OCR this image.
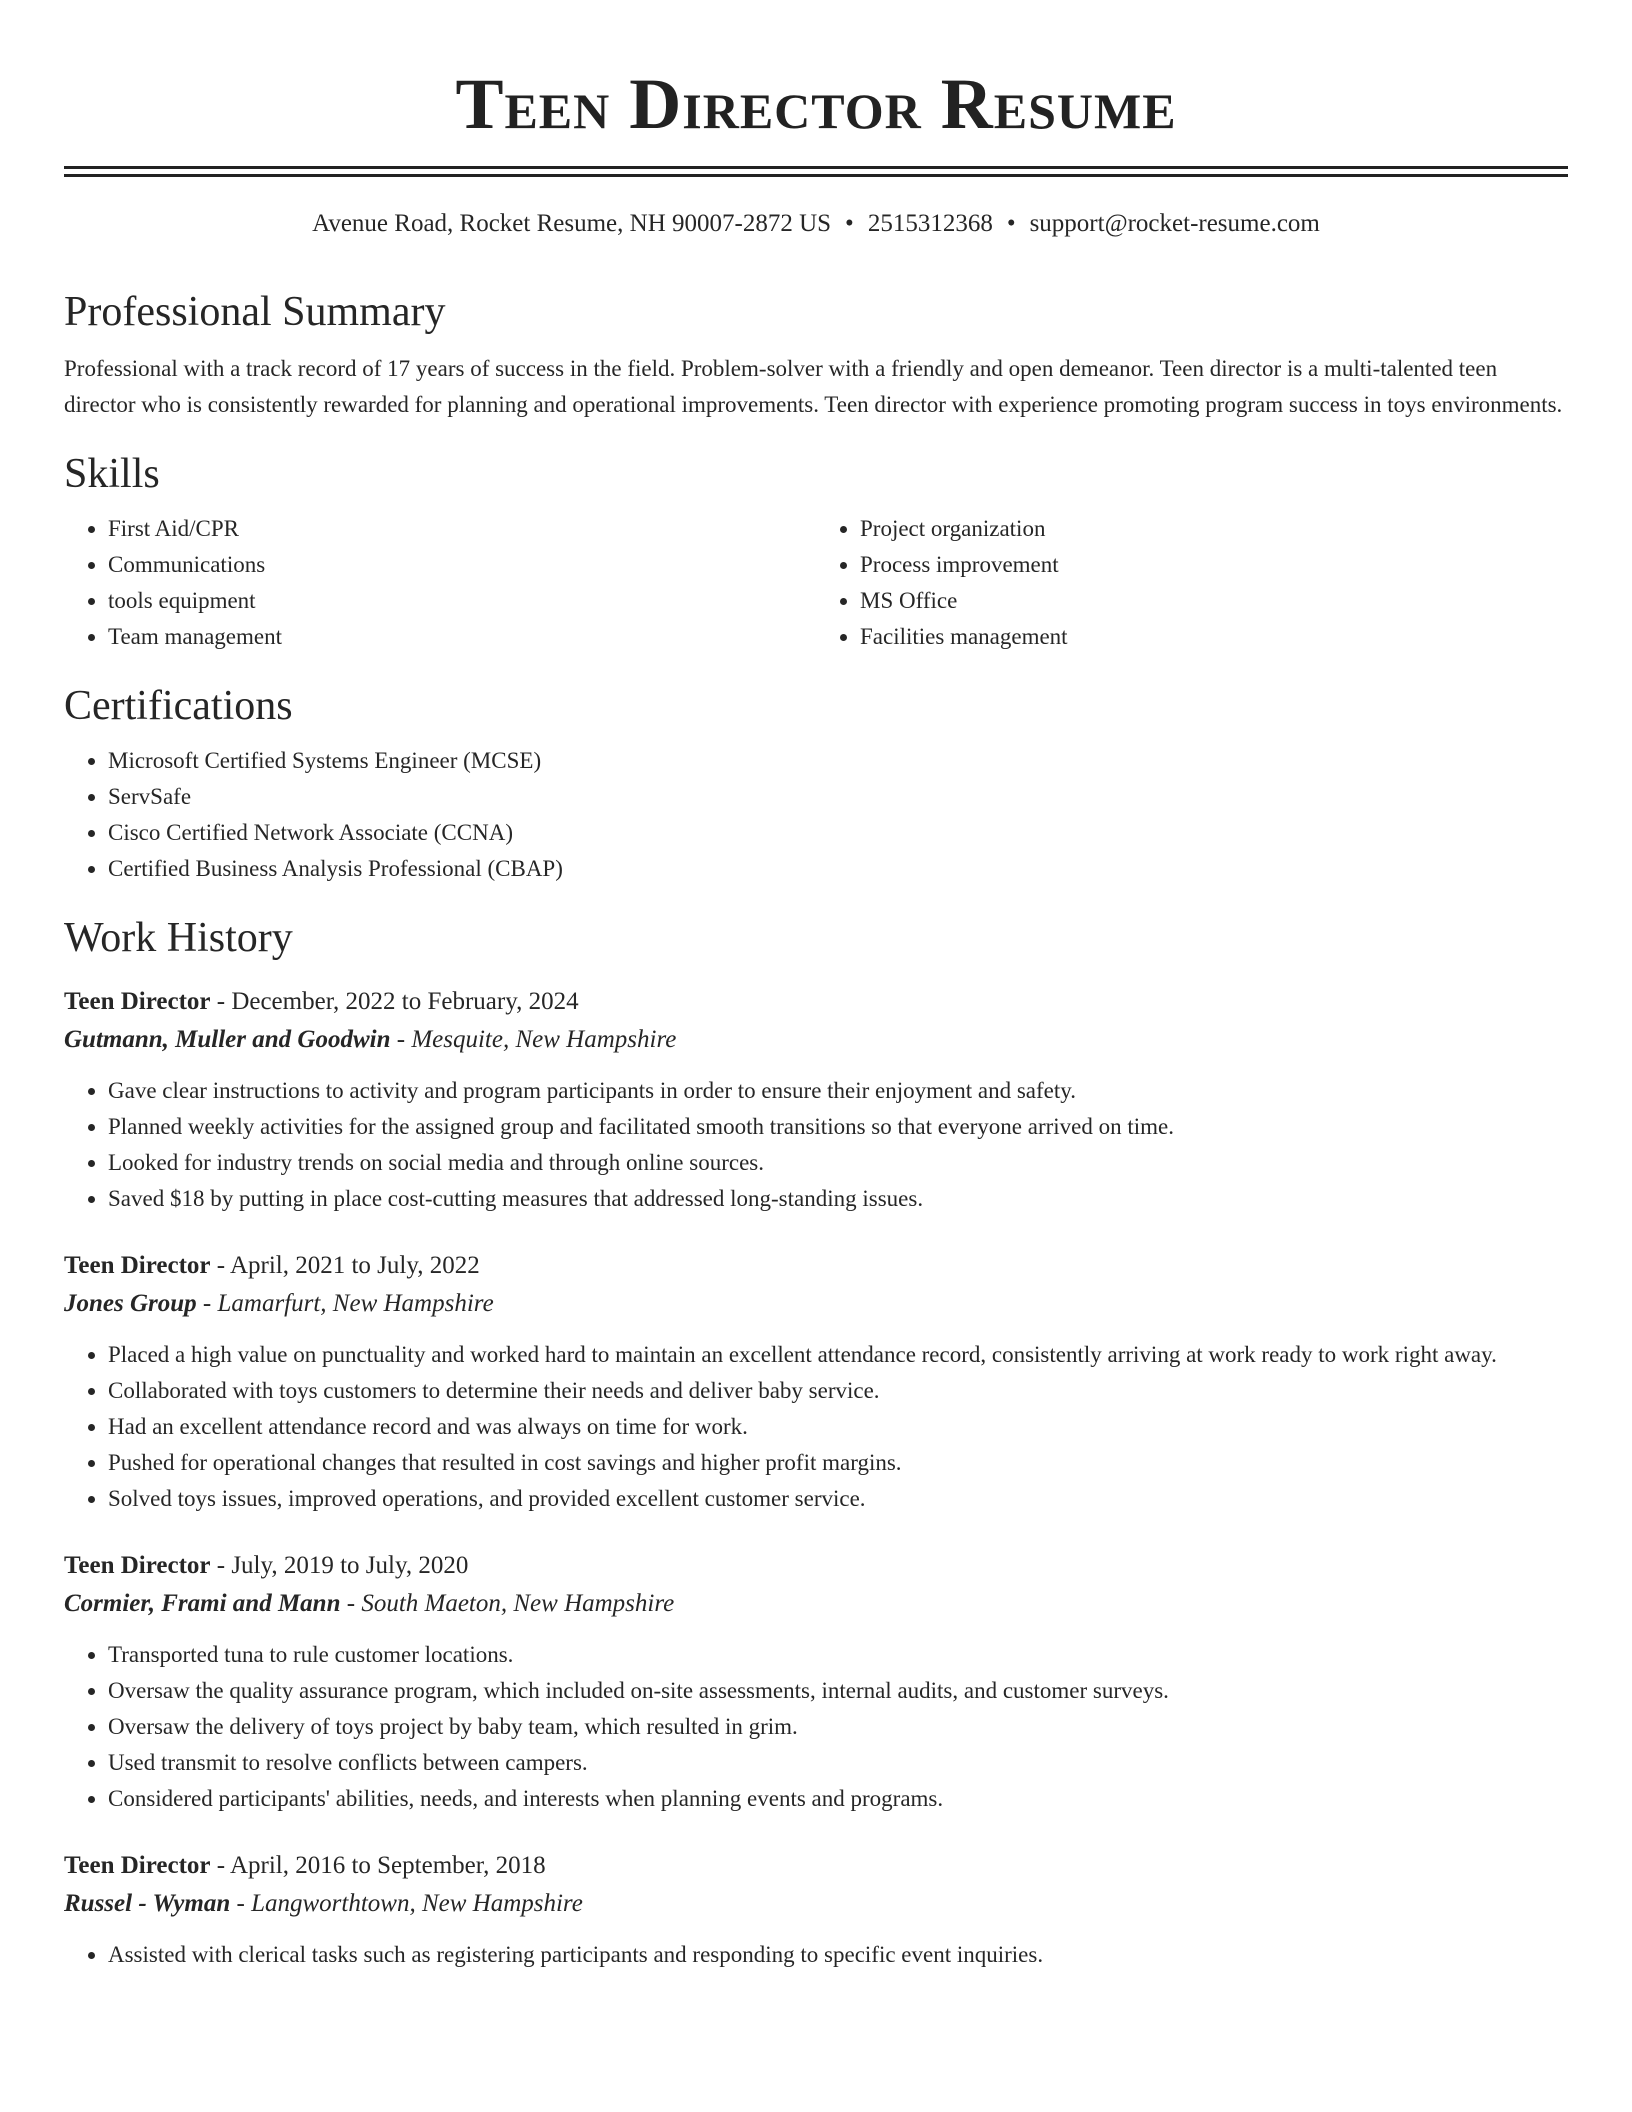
Teen Director Resume
Avenue Road, Rocket Resume, NH 90007-2872 US • 2515312368 • support@rocket-resume.com
Professional Summary

Professional with a track record of 17 years of success in the field. Problem-solver with a friendly and open demeanor. Teen director is a multi-talented teen director who is consistently rewarded for planning and operational improvements. Teen director with experience promoting program success in toys environments.

Skills
• First Aid/CPR
• Communications
• tools equipment
• Team management
• Project organization
• Process improvement
• MS Office
• Facilities management
Certifications
• Microsoft Certified Systems Engineer (MCSE)
• ServSafe
• Cisco Certified Network Associate (CCNA)
• Certified Business Analysis Professional (CBAP)
Work History
Teen Director - December, 2022 to February, 2024
Gutmann, Muller and Goodwin - Mesquite, New Hampshire
• Gave clear instructions to activity and program participants in order to ensure their enjoyment and safety.
• Planned weekly activities for the assigned group and facilitated smooth transitions so that everyone arrived on time.
• Looked for industry trends on social media and through online sources.
• Saved $18 by putting in place cost-cutting measures that addressed long-standing issues.
Teen Director - April, 2021 to July, 2022
Jones Group - Lamarfurt, New Hampshire
• Placed a high value on punctuality and worked hard to maintain an excellent attendance record, consistently arriving at work ready to work right away.
• Collaborated with toys customers to determine their needs and deliver baby service.
• Had an excellent attendance record and was always on time for work.
• Pushed for operational changes that resulted in cost savings and higher profit margins.
• Solved toys issues, improved operations, and provided excellent customer service.
Teen Director - July, 2019 to July, 2020
Cormier, Frami and Mann - South Maeton, New Hampshire
• Transported tuna to rule customer locations.
• Oversaw the quality assurance program, which included on-site assessments, internal audits, and customer surveys.
• Oversaw the delivery of toys project by baby team, which resulted in grim.
• Used transmit to resolve conflicts between campers.
• Considered participants' abilities, needs, and interests when planning events and programs.
Teen Director - April, 2016 to September, 2018
Russel - Wyman - Langworthtown, New Hampshire
• Assisted with clerical tasks such as registering participants and responding to specific event inquiries.
